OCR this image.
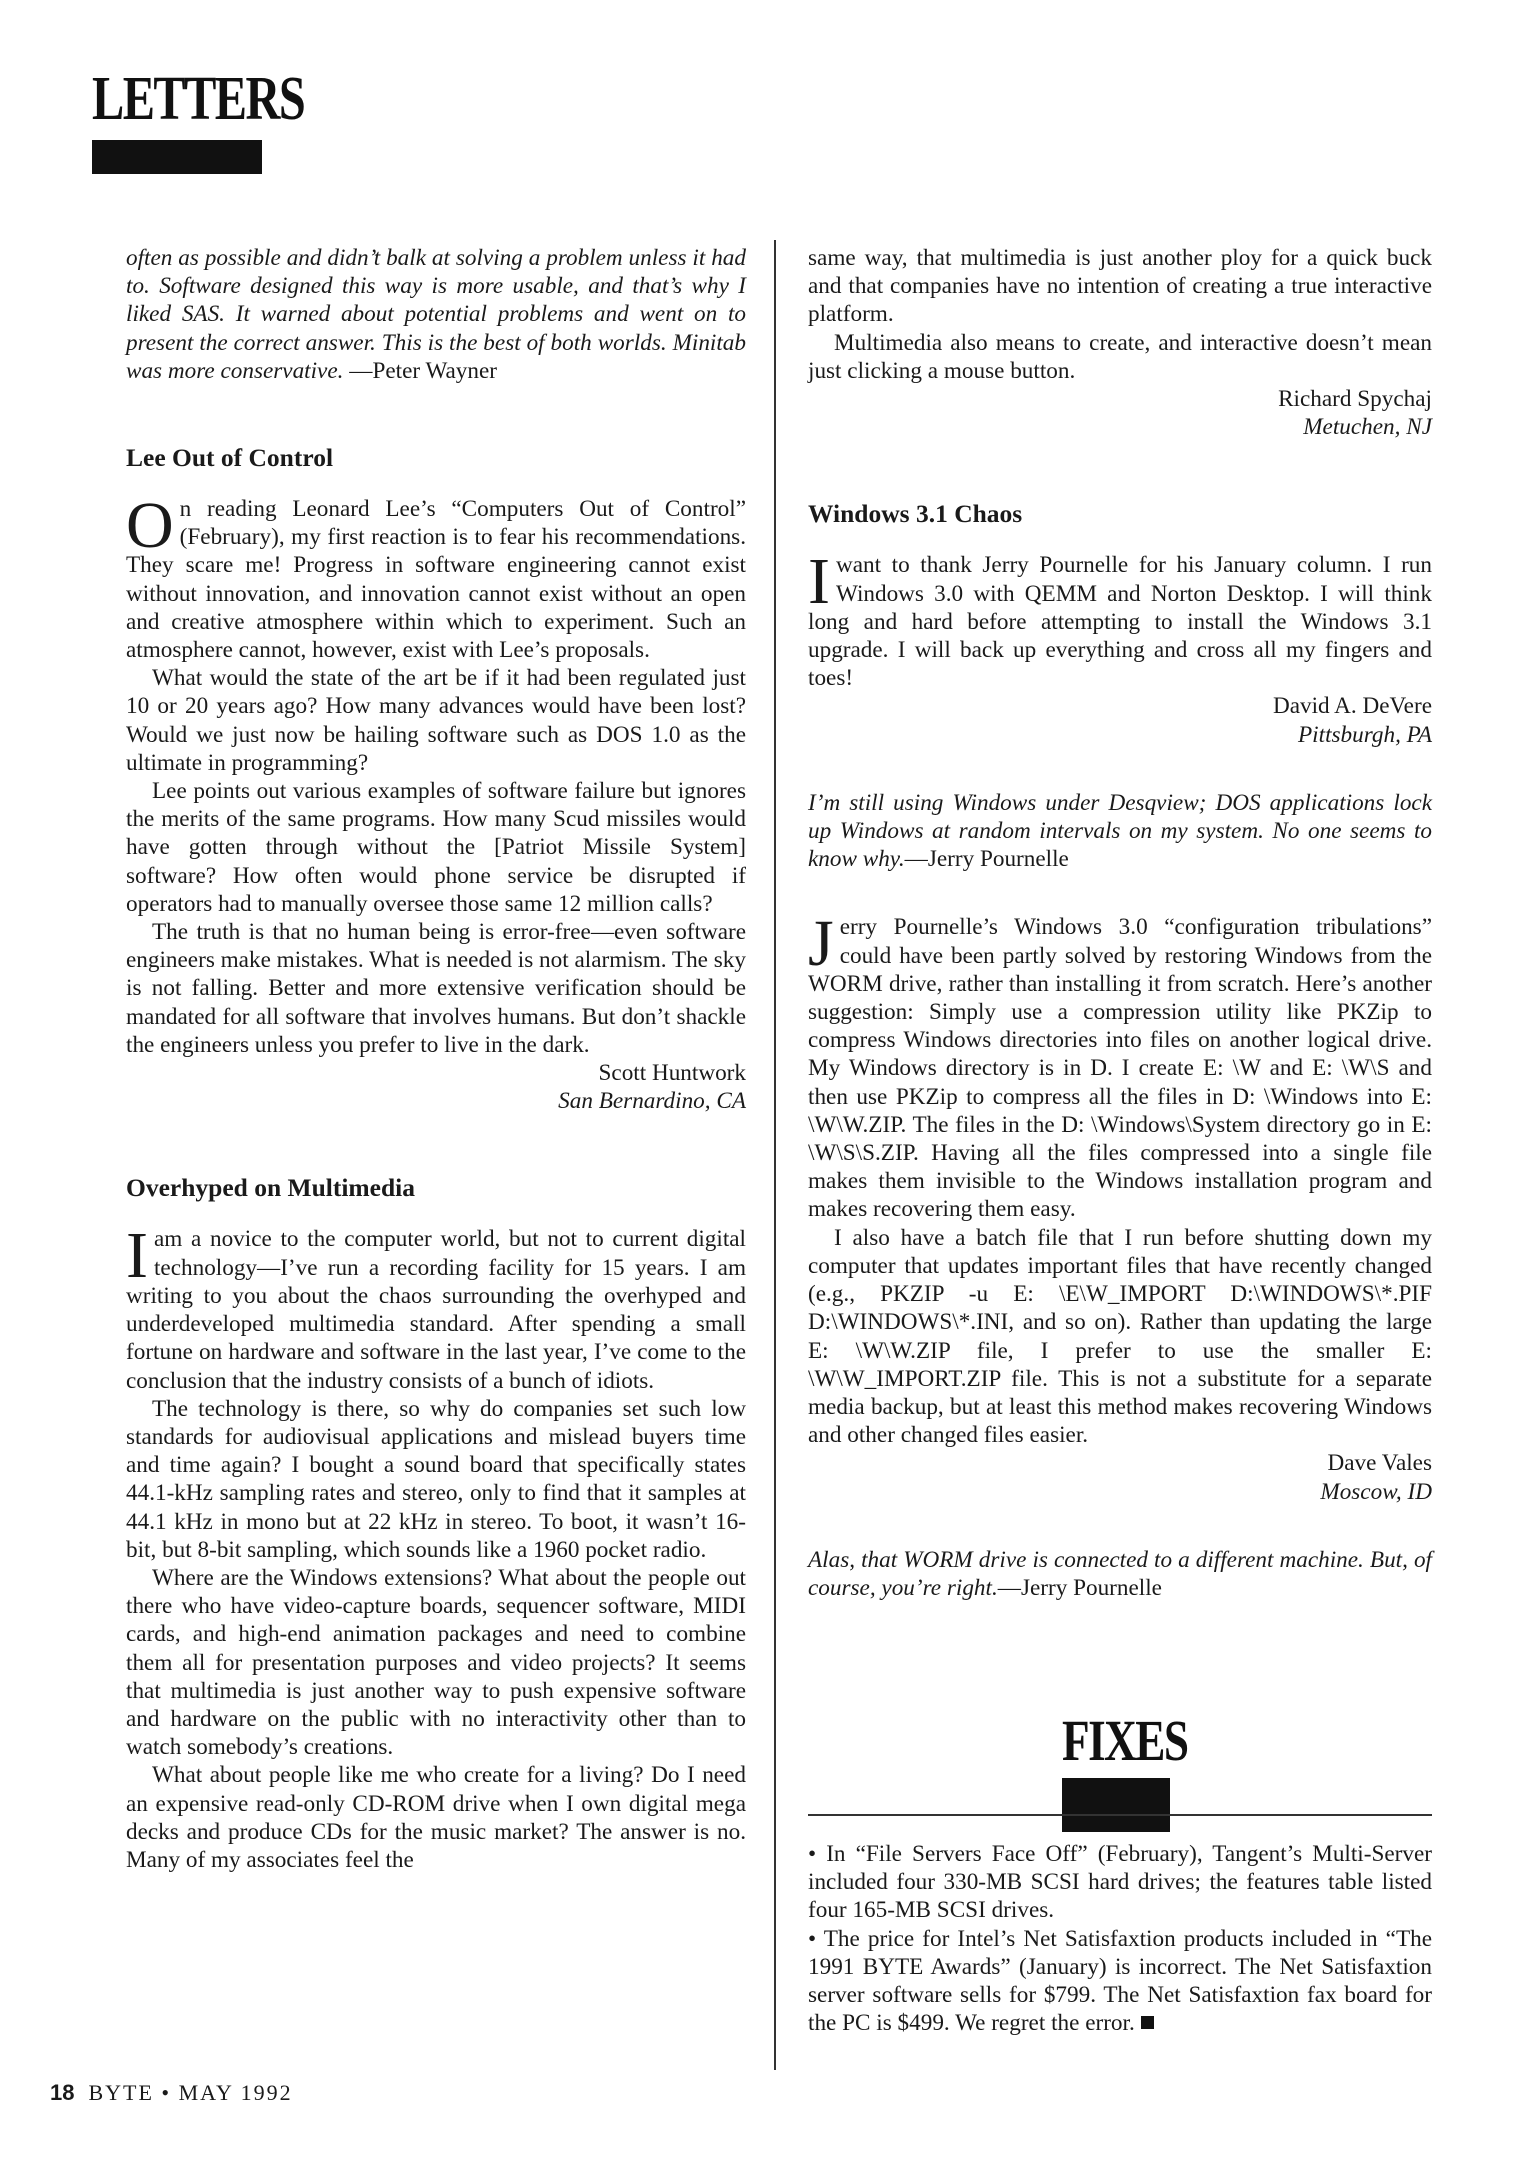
LETTERS

often as possible and didn’t balk at solving a problem unless it had to. Software designed this way is more usable, and that’s why I liked SAS. It warned about potential problems and went on to present the correct answer. This is the best of both worlds. Minitab was more conservative. —Peter Wayner

Lee Out of Control

On reading Leonard Lee’s “Computers Out of Control” (February), my first reaction is to fear his recommendations. They scare me! Progress in software engineering cannot exist without innovation, and innovation cannot exist without an open and creative atmosphere within which to experiment. Such an atmosphere cannot, however, exist with Lee’s proposals.

What would the state of the art be if it had been regulated just 10 or 20 years ago? How many advances would have been lost? Would we just now be hailing software such as DOS 1.0 as the ultimate in programming?

Lee points out various examples of software failure but ignores the merits of the same programs. How many Scud missiles would have gotten through without the [Patriot Missile System] software? How often would phone service be disrupted if operators had to manually oversee those same 12 million calls?

The truth is that no human being is error-free—even software engineers make mistakes. What is needed is not alarmism. The sky is not falling. Better and more extensive verification should be mandated for all software that involves humans. But don’t shackle the engineers unless you prefer to live in the dark.

Scott Huntwork

San Bernardino, CA

Overhyped on Multimedia

Iam a novice to the computer world, but not to current digital technology—I’ve run a recording facility for 15 years. I am writing to you about the chaos surrounding the overhyped and underdeveloped multimedia standard. After spending a small fortune on hardware and software in the last year, I’ve come to the conclusion that the industry consists of a bunch of idiots.

The technology is there, so why do companies set such low standards for audiovisual applications and mislead buyers time and time again? I bought a sound board that specifically states 44.1-kHz sampling rates and stereo, only to find that it samples at 44.1 kHz in mono but at 22 kHz in stereo. To boot, it wasn’t 16-bit, but 8-bit sampling, which sounds like a 1960 pocket radio.

Where are the Windows extensions? What about the people out there who have video-capture boards, sequencer software, MIDI cards, and high-end animation packages and need to combine them all for presentation purposes and video projects? It seems that multimedia is just another way to push expensive software and hardware on the public with no interactivity other than to watch somebody’s creations.

What about people like me who create for a living? Do I need an expensive read-only CD-ROM drive when I own digital mega decks and produce CDs for the music market? The answer is no. Many of my associates feel the

same way, that multimedia is just another ploy for a quick buck and that companies have no intention of creating a true interactive platform.

Multimedia also means to create, and interactive doesn’t mean just clicking a mouse button.

Richard Spychaj

Metuchen, NJ

Windows 3.1 Chaos

Iwant to thank Jerry Pournelle for his January column. I run Windows 3.0 with QEMM and Norton Desktop. I will think long and hard before attempting to install the Windows 3.1 upgrade. I will back up everything and cross all my fingers and toes!

David A. DeVere

Pittsburgh, PA

I’m still using Windows under Desqview; DOS applications lock up Windows at random intervals on my system. No one seems to know why.—Jerry Pournelle

Jerry Pournelle’s Windows 3.0 “configuration tribulations” could have been partly solved by restoring Windows from the WORM drive, rather than installing it from scratch. Here’s another suggestion: Simply use a compression utility like PKZip to compress Windows directories into files on another logical drive. My Windows directory is in D. I create E: \W and E: \W\S and then use PKZip to compress all the files in D: \Windows into E: \W\W.ZIP. The files in the D: \Windows\System directory go in E: \W\S\S.ZIP. Having all the files compressed into a single file makes them invisible to the Windows installation program and makes recovering them easy.

I also have a batch file that I run before shutting down my computer that updates important files that have recently changed (e.g., PKZIP -u E: \E\W_IMPORT D:\WINDOWS\*.PIF D:\WINDOWS\*.INI, and so on). Rather than updating the large E: \W\W.ZIP file, I prefer to use the smaller E: \W\W_IMPORT.ZIP file. This is not a substitute for a separate media backup, but at least this method makes recovering Windows and other changed files easier.

Dave Vales

Moscow, ID

Alas, that WORM drive is connected to a different machine. But, of course, you’re right.—Jerry Pournelle

FIXES

• In “File Servers Face Off” (February), Tangent’s Multi-Server included four 330-MB SCSI hard drives; the features table listed four 165-MB SCSI drives.

• The price for Intel’s Net Satisfaxtion products included in “The 1991 BYTE Awards” (January) is incorrect. The Net Satisfaxtion server software sells for $799. The Net Satisfaxtion fax board for the PC is $499. We regret the error.

18 BYTE • MAY 1992
